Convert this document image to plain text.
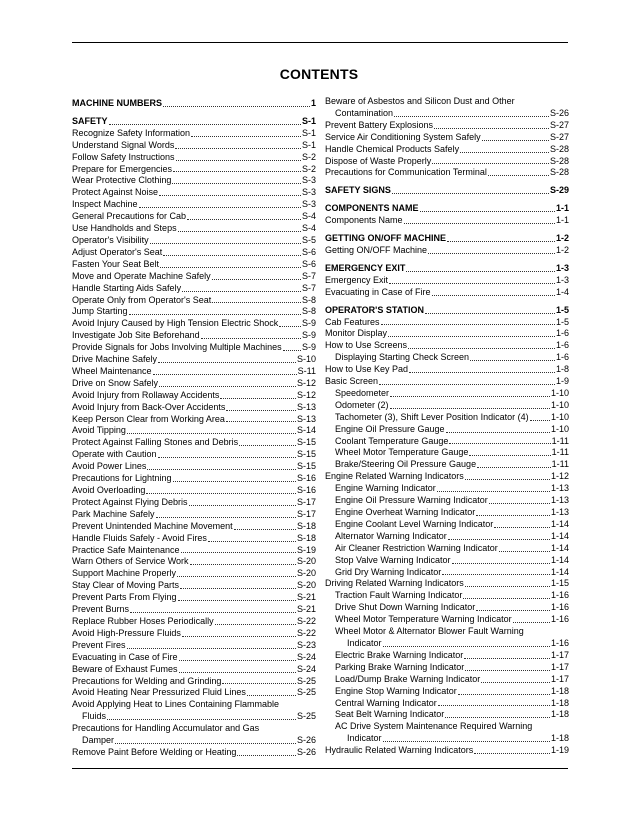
CONTENTS
MACHINE NUMBERS	1
SAFETY	S-1
Recognize Safety Information	S-1
Understand Signal Words	S-1
Follow Safety Instructions	S-2
Prepare for Emergencies	S-2
Wear Protective Clothing	S-3
Protect Against Noise	S-3
Inspect Machine	S-3
General Precautions for Cab	S-4
Use Handholds and Steps	S-4
Operator's Visibility	S-5
Adjust Operator's Seat	S-6
Fasten Your Seat Belt	S-6
Move and Operate Machine Safely	S-7
Handle Starting Aids Safely	S-7
Operate Only from Operator's Seat	S-8
Jump Starting	S-8
Avoid Injury Caused by High Tension Electric Shock	S-9
Investigate Job Site Beforehand	S-9
Provide Signals for Jobs Involving Multiple Machines S-9
Drive Machine Safely	S-10
Wheel Maintenance	S-11
Drive on Snow Safely	S-12
Avoid Injury from Rollaway Accidents	S-12
Avoid Injury from Back-Over Accidents	S-13
Keep Person Clear from Working Area	S-13
Avoid Tipping	S-14
Protect Against Falling Stones and Debris	S-15
Operate with Caution	S-15
Avoid Power Lines	S-15
Precautions for Lightning	S-16
Avoid Overloading	S-16
Protect Against Flying Debris	S-17
Park Machine Safely	S-17
Prevent Unintended Machine Movement	S-18
Handle Fluids Safely - Avoid Fires	S-18
Practice Safe Maintenance	S-19
Warn Others of Service Work	S-20
Support Machine Properly	S-20
Stay Clear of Moving Parts	S-20
Prevent Parts From Flying	S-21
Prevent Burns	S-21
Replace Rubber Hoses Periodically	S-22
Avoid High-Pressure Fluids	S-22
Prevent Fires	S-23
Evacuating in Case of Fire	S-24
Beware of Exhaust Fumes	S-24
Precautions for Welding and Grinding	S-25
Avoid Heating Near Pressurized Fluid Lines	S-25
Avoid Applying Heat to Lines Containing Flammable
Fluids	S-25
Precautions for Handling Accumulator and Gas
Damper	S-26
Remove Paint Before Welding or Heating	S-26
Beware of Asbestos and Silicon Dust and Other
Contamination	S-26
Prevent Battery Explosions	S-27
Service Air Conditioning System Safely	S-27
Handle Chemical Products Safely	S-28
Dispose of Waste Properly	S-28
Precautions for Communication Terminal	S-28
SAFETY SIGNS	S-29
COMPONENTS NAME	1-1
Components Name	1-1
GETTING ON/OFF MACHINE	1-2
Getting ON/OFF Machine	1-2
EMERGENCY EXIT	1-3
Emergency Exit	1-3
Evacuating in Case of Fire	1-4
OPERATOR'S STATION	1-5
Cab Features	1-5
Monitor Display	1-6
How to Use Screens	1-6
Displaying Starting Check Screen	1-6
How to Use Key Pad	1-8
Basic Screen	1-9
Speedometer	1-10
Odometer (2)	1-10
Tachometer (3), Shift Lever Position Indicator (4) 1-10
Engine Oil Pressure Gauge	1-10
Coolant Temperature Gauge	1-11
Wheel Motor Temperature Gauge	1-11
Brake/Steering Oil Pressure Gauge	1-11
Engine Related Warning Indicators	1-12
Engine Warning Indicator	1-13
Engine Oil Pressure Warning Indicator	1-13
Engine Overheat Warning Indicator	1-13
Engine Coolant Level Warning Indicator	1-14
Alternator Warning Indicator	1-14
Air Cleaner Restriction Warning Indicator	1-14
Stop Valve Warning Indicator	1-14
Grid Dry Warning Indicator	1-14
Driving Related Warning Indicators	1-15
Traction Fault Warning Indicator	1-16
Drive Shut Down Warning Indicator	1-16
Wheel Motor Temperature Warning Indicator	1-16
Wheel Motor & Alternator Blower Fault Warning
Indicator	1-16
Electric Brake Warning Indicator	1-17
Parking Brake Warning Indicator	1-17
Load/Dump Brake Warning Indicator	1-17
Engine Stop Warning Indicator	1-18
Central Warning Indicator	1-18
Seat Belt Warning Indicator	1-18
AC Drive System Maintenance Required Warning
Indicator	1-18
Hydraulic Related Warning Indicators	1-19
